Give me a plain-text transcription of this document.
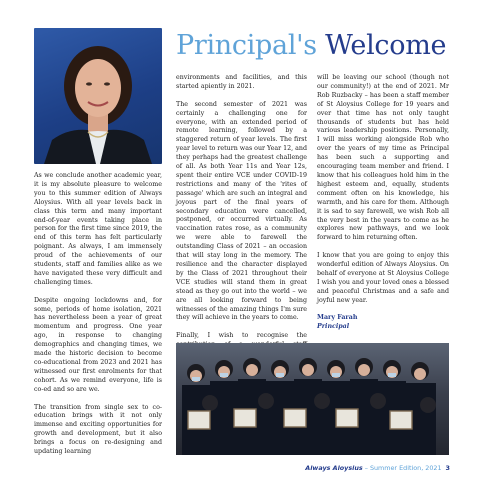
Principal's Welcome

As we conclude another academic year, it is my absolute pleasure to welcome you to this summer edition of Always Aloysius. With all year levels back in class this term and many important end-of-year events taking place in person for the first time since 2019, the end of this term has felt particularly poignant. As always, I am immensely proud of the achievements of our students, staff and families alike as we have navigated these very difficult and challenging times.

Despite ongoing lockdowns and, for some, periods of home isolation, 2021 has nevertheless been a year of great momentum and progress. One year ago, in response to changing demographics and changing times, we made the historic decision to become co-educational from 2023 and 2021 has witnessed our first enrolments for that cohort. As we remind everyone, life is co-ed and so are we.

The transition from single sex to co-education brings with it not only immense and exciting opportunities for growth and development, but it also brings a focus on re-designing and updating learning

environments and facilities, and this started apiently in 2021.

The second semester of 2021 was certainly a challenging one for everyone, with an extended period of remote learning, followed by a staggered return of year levels. The first year level to return was our Year 12, and they perhaps had the greatest challenge of all. As both Year 11s and Year 12s, spent their entire VCE under COVID-19 restrictions and many of the 'rites of passage' which are such an integral and joyous part of the final years of secondary education were cancelled, postponed, or occurred virtually. As vaccination rates rose, as a community we were able to farewell the outstanding Class of 2021 – an occasion that will stay long in the memory. The resilience and the character displayed by the Class of 2021 throughout their VCE studies will stand them in great stead as they go out into the world – we are all looking forward to being witnesses of the amazing things I'm sure they will achieve in the years to come.

Finally, I wish to recognise the

will be leaving our school (though not our community!) at the end of 2021. Mr Rob Ruzbacky – has been a staff member of St Aloysius College for 19 years and over that time has not only taught thousands of students but has held various leadership positions. Personally, I will miss working alongside Rob who over the years of my time as Principal has been such a supporting and encouraging team member and friend. I know that his colleagues hold him in the highest esteem and, equally, students comment often on his knowledge, his warmth, and his care for them. Although it is sad to say farewell, we wish Rob all the very best in the years to come as he explores new pathways, and we look forward to him returning often.

I know that you are going to enjoy this wonderful edition of Always Aloysius. On behalf of everyone at St Aloysius College I wish you and your loved ones a blessed and peaceful Christmas and a safe and joyful new year.

Mary Farah

Principal

Always Aloysius – Summer Edition, 2021 3
